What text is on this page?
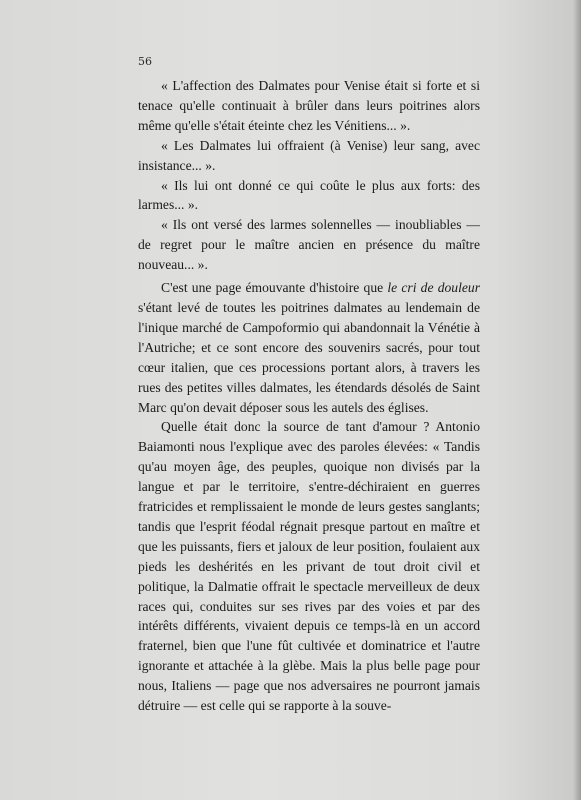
56

« L'affection des Dalmates pour Venise était si forte et si tenace qu'elle continuait à brûler dans leurs poitrines alors même qu'elle s'était éteinte chez les Vénitiens... ».

« Les Dalmates lui offraient (à Venise) leur sang, avec insistance... ».

« Ils lui ont donné ce qui coûte le plus aux forts: des larmes... ».

« Ils ont versé des larmes solennelles — inoubliables — de regret pour le maître ancien en présence du maître nouveau... ».

C'est une page émouvante d'histoire que le cri de douleur s'étant levé de toutes les poitrines dalmates au lendemain de l'inique marché de Campoformio qui abandonnait la Vénétie à l'Autriche; et ce sont encore des souvenirs sacrés, pour tout cœur italien, que ces processions portant alors, à travers les rues des petites villes dalmates, les étendards désolés de Saint Marc qu'on devait déposer sous les autels des églises.

Quelle était donc la source de tant d'amour ? Antonio Baiamonti nous l'explique avec des paroles élevées: « Tandis qu'au moyen âge, des peuples, quoique non divisés par la langue et par le territoire, s'entre-déchiraient en guerres fratricides et remplissaient le monde de leurs gestes sanglants; tandis que l'esprit féodal régnait presque partout en maître et que les puissants, fiers et jaloux de leur position, foulaient aux pieds les deshérités en les privant de tout droit civil et politique, la Dalmatie offrait le spectacle merveilleux de deux races qui, conduites sur ses rives par des voies et par des intérêts différents, vivaient depuis ce temps-là en un accord fraternel, bien que l'une fût cultivée et dominatrice et l'autre ignorante et attachée à la glèbe. Mais la plus belle page pour nous, Italiens — page que nos adversaires ne pourront jamais détruire — est celle qui se rapporte à la souve-
